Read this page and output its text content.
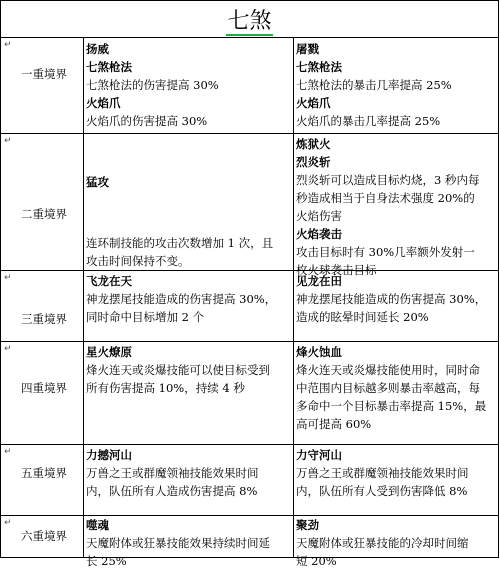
七煞
↵
一重境界
扬威
七煞枪法
七煞枪法的伤害提高 30%
火焰爪
火焰爪的伤害提高 30%
屠戮
七煞枪法
七煞枪法的暴击几率提高 25%
火焰爪
火焰爪的暴击几率提高 25%
↵
二重境界
猛攻
连环制技能的攻击次数增加 1 次，且
攻击时间保持不变。
炼狱火
烈炎斩
烈炎斩可以造成目标灼烧，3 秒内每
秒造成相当于自身法术强度 20%的
火焰伤害
火焰袭击
攻击目标时有 30%几率额外发射一
枚火球袭击目标
↵
三重境界
飞龙在天
神龙摆尾技能造成的伤害提高 30%，
同时命中目标增加 2 个
见龙在田
神龙摆尾技能造成的伤害提高 30%，
造成的眩晕时间延长 20%
↵
四重境界
星火燎原
烽火连天或炎爆技能可以使目标受到
所有伤害提高 10%，持续 4 秒
烽火蚀血
烽火连天或炎爆技能使用时，同时命
中范围内目标越多则暴击率越高，每
多命中一个目标暴击率提高 15%，最
高可提高 60%
↵
五重境界
力撼河山
万兽之王或群魔领袖技能效果时间
内，队伍所有人造成伤害提高 8%
力守河山
万兽之王或群魔领袖技能效果时间
内，队伍所有人受到伤害降低 8%
↵
六重境界
噬魂
天魔附体或狂暴技能效果持续时间延
长 25%
聚劲
天魔附体或狂暴技能的冷却时间缩
短 20%
